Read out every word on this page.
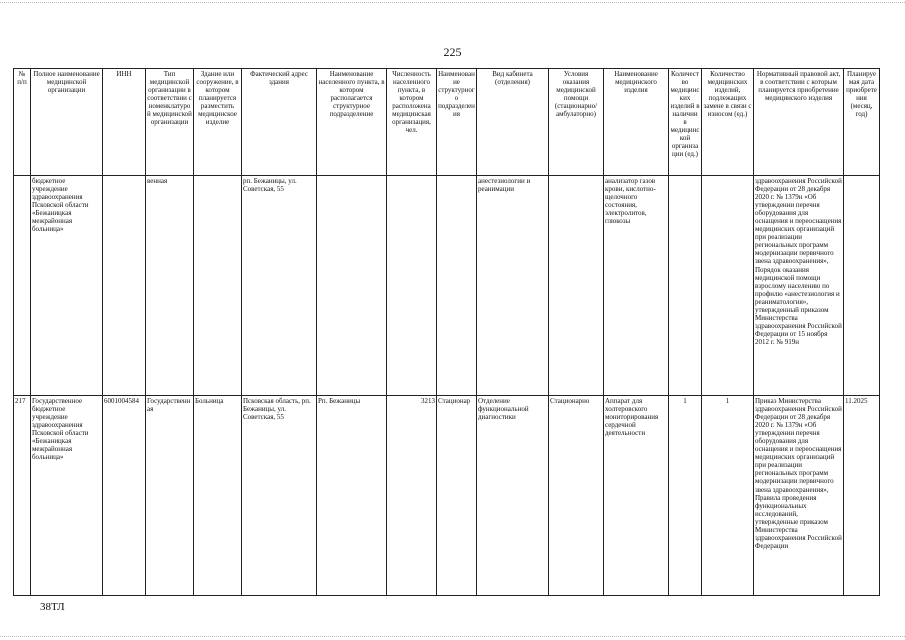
225
№ п/п	Полное наименование медицинской организации	ИНН	Тип медицинской организации в соответствии с номенклатурой медицинской организации	Здание или сооружение, в котором планируется разместить медицинское изделие	Фактический адрес здания	Наименование населенного пункта, в котором располагается структурное подразделение	Численность населенного пункта, в котором расположена медицинская организация, чел.	Наименование структурного подразделения	Вид кабинета (отделения)	Условия оказания медицинской помощи (стационарно/ амбулаторно)	Наименование медицинского изделия	Количество медицинских изделий в наличии в медицинской организации (ед.)	Количество медицинских изделий, подлежащих замене в связи с износом (ед.)	Нормативный правовой акт, в соответствии с которым планируется приобретение медицинского изделия	Планируемая дата приобретения (месяц, год)
	бюджетное учреждение здравоохранения Псковской области «Бежаницкая межрайонная больница»		венная		рп. Бежаницы, ул. Советская, 55				анестезиологии и реанимации		анализатор газов крови, кислотно-щелочного состояния, электролитов, глюкозы			здравоохранения Российской Федерации от 28 декабря 2020 г. № 1379н «Об утверждении перечня оборудования для оснащения и переоснащения медицинских организаций при реализации региональных программ модернизации первичного звена здравоохранения», Порядок оказания медицинской помощи взрослому населению по профилю «анестезиология и реаниматология», утвержденный приказом Министерства здравоохранения Российской Федерации от 15 ноября 2012 г. № 919н	
217	Государственное бюджетное учреждение здравоохранения Псковской области «Бежаницкая межрайонная больница»	6001004584	Государственная	Больница	Псковская область, рп. Бежаницы, ул. Советская, 55	Рп. Бежаницы	3213	Стационар	Отделение функциональной диагностики	Стационарно	Аппарат для холтеровского мониторирования сердечной деятельности	1	1	Приказ Министерства здравоохранения Российской Федерации от 28 декабря 2020 г. № 1379н «Об утверждении перечня оборудования для оснащения и переоснащения медицинских организаций при реализации региональных программ модернизации первичного звена здравоохранения», Правила проведения функциональных исследований, утвержденные приказом Министерства здравоохранения Российской Федерации	11.2025
38ТЛ
